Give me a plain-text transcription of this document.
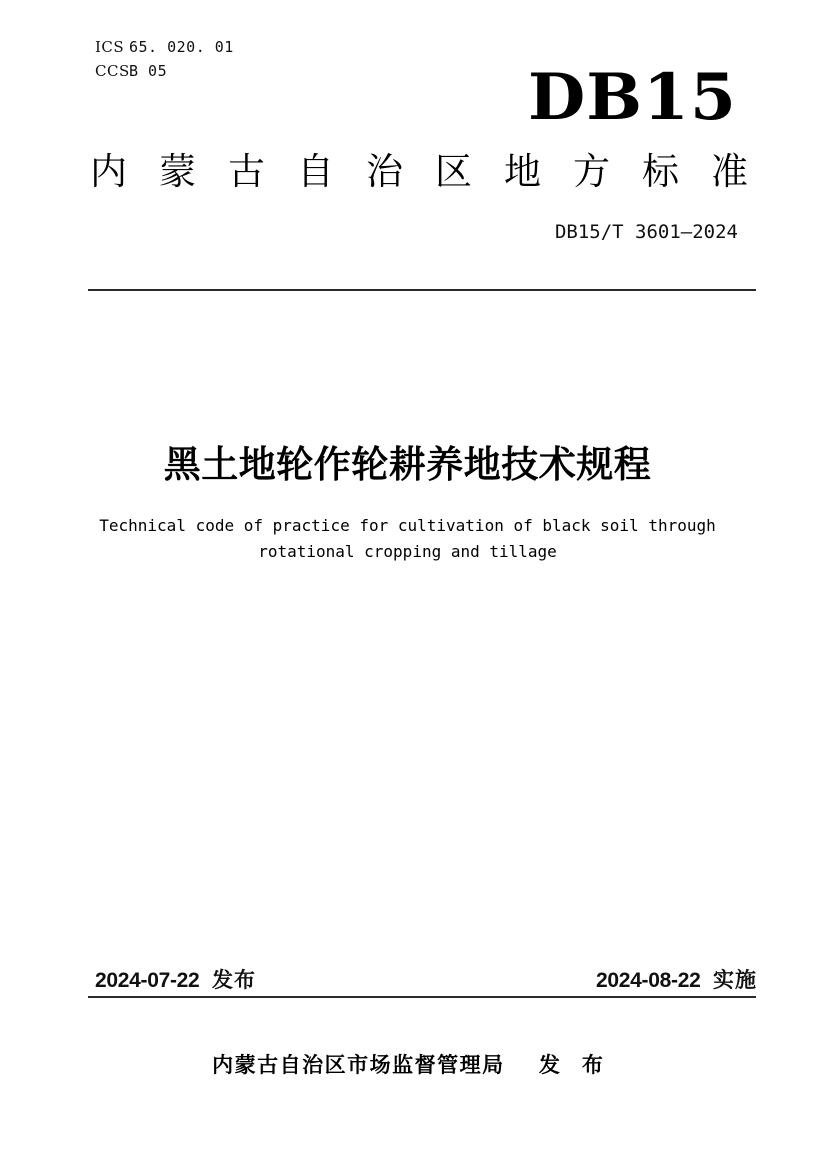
ICS 65. 020. 01
CCS B 05	DB15
内蒙古自治区地方标准
DB15/T 3601—2024
黑土地轮作轮耕养地技术规程
Technical code of practice for cultivation of black soil through
rotational cropping and tillage
2024-07-22 发布	2024-08-22 实施
内蒙古自治区市场监督管理局 发布
